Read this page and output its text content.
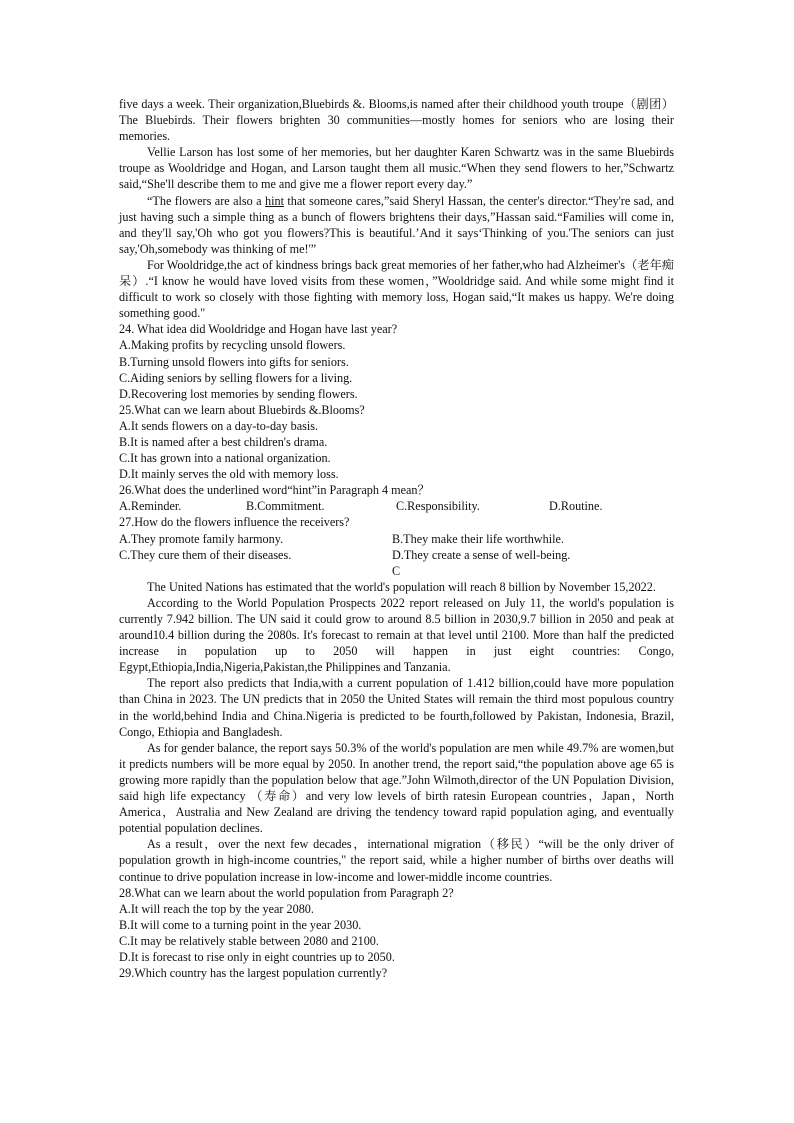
five days a week. Their organization,Bluebirds &. Blooms,is named after their childhood youth troupe（剧团）The Bluebirds. Their flowers brighten 30 communities—mostly homes for seniors who are losing their memories.

Vellie Larson has lost some of her memories, but her daughter Karen Schwartz was in the same Bluebirds troupe as Wooldridge and Hogan, and Larson taught them all music.“When they send flowers to her,”Schwartz said,“She'll describe them to me and give me a flower report every day.”

“The flowers are also a hint that someone cares,”said Sheryl Hassan, the center's director.“They're sad, and just having such a simple thing as a bunch of flowers brightens their days,”Hassan said.“Families will come in, and they'll say,'Oh who got you flowers?This is beautiful.’And it says‘Thinking of you.'The seniors can just say,'Oh,somebody was thinking of me!'”

For Wooldridge,the act of kindness brings back great memories of her father,who had Alzheimer's（老年痴呆）.“I know he would have loved visits from these women，”Wooldridge said. And while some might find it difficult to work so closely with those fighting with memory loss, Hogan said,“It makes us happy. We're doing something good."

24. What idea did Wooldridge and Hogan have last year?

A.Making profits by recycling unsold flowers.

B.Turning unsold flowers into gifts for seniors.

C.Aiding seniors by selling flowers for a living.

D.Recovering lost memories by sending flowers.

25.What can we learn about Bluebirds &.Blooms?

A.It sends flowers on a day-to-day basis.

B.It is named after a best children's drama.

C.It has grown into a national organization.

D.It mainly serves the old with memory loss.

26.What does the underlined word“hint”in Paragraph 4 mean？

A.Reminder.	B.Commitment.	C.Responsibility.	D.Routine.

27.How do the flowers influence the receivers?

A.They promote family harmony.	B.They make their life worthwhile.
C.They cure them of their diseases.	D.They create a sense of well-being.

C

The United Nations has estimated that the world's population will reach 8 billion by November 15,2022.

According to the World Population Prospects 2022 report released on July 11, the world's population is currently 7.942 billion. The UN said it could grow to around 8.5 billion in 2030,9.7 billion in 2050 and peak at around10.4 billion during the 2080s. It's forecast to remain at that level until 2100. More than half the predicted increase in population up to 2050 will happen in just eight countries: Congo, Egypt,Ethiopia,India,Nigeria,Pakistan,the Philippines and Tanzania.

The report also predicts that India,with a current population of 1.412 billion,could have more population than China in 2023. The UN predicts that in 2050 the United States will remain the third most populous country in the world,behind India and China.Nigeria is predicted to be fourth,followed by Pakistan, Indonesia, Brazil, Congo, Ethiopia and Bangladesh.

As for gender balance, the report says 50.3% of the world's population are men while 49.7% are women,but it predicts numbers will be more equal by 2050. In another trend, the report said,“the population above age 65 is growing more rapidly than the population below that age.”John Wilmoth,director of the UN Population Division, said high life expectancy （寿命）and very low levels of birth ratesin European countries，Japan，North America，Australia and New Zealand are driving the tendency toward rapid population aging, and eventually potential population declines.

As a result，over the next few decades，international migration（移民）“will be the only driver of population growth in high-income countries," the report said, while a higher number of births over deaths will continue to drive population increase in low-income and lower-middle income countries.

28.What can we learn about the world population from Paragraph 2?

A.It will reach the top by the year 2080.

B.It will come to a turning point in the year 2030.

C.It may be relatively stable between 2080 and 2100.

D.It is forecast to rise only in eight countries up to 2050.

29.Which country has the largest population currently?
